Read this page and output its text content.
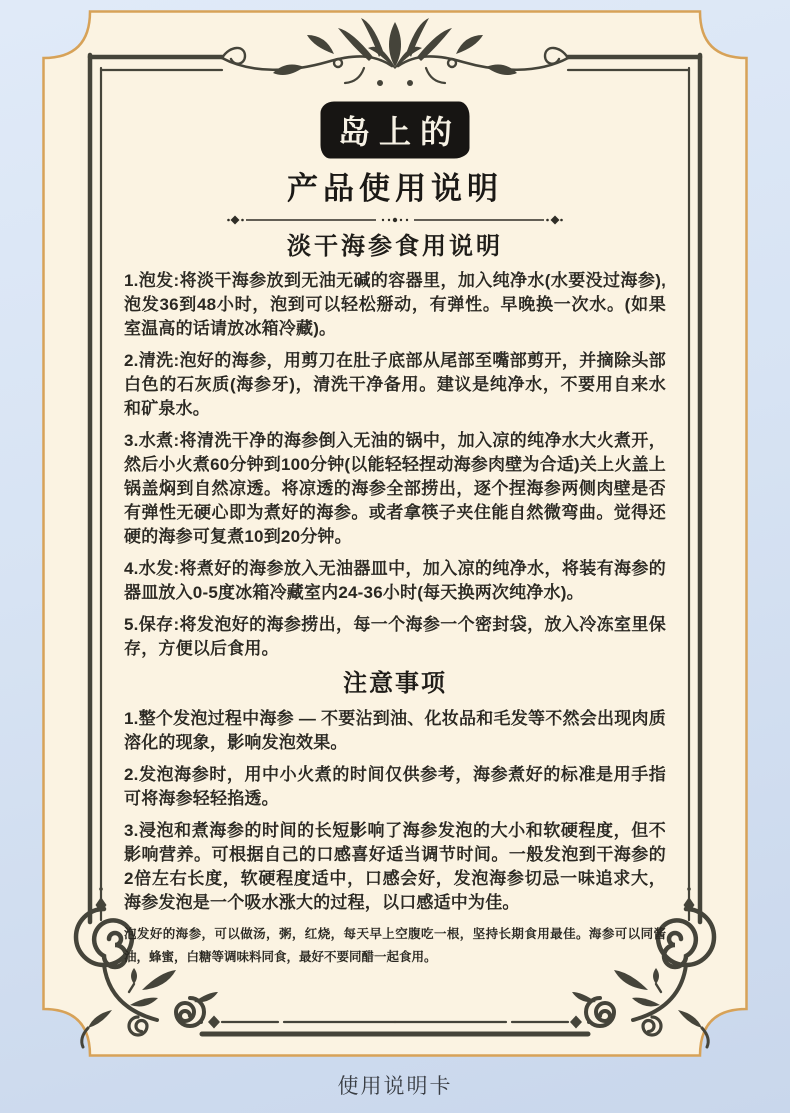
岛上的
产品使用说明
淡干海参食用说明

1.泡发:将淡干海参放到无油无碱的容器里，加入纯净水(水要没过海参),泡发36到48小时，泡到可以轻松掰动，有弹性。早晚换一次水。(如果室温高的话请放冰箱冷藏)。

2.清洗:泡好的海参，用剪刀在肚子底部从尾部至嘴部剪开，并摘除头部白色的石灰质(海参牙)，清洗干净备用。建议是纯净水，不要用自来水和矿泉水。

3.水煮:将清洗干净的海参倒入无油的锅中，加入凉的纯净水大火煮开，然后小火煮60分钟到100分钟(以能轻轻捏动海参肉壁为合适)关上火盖上锅盖焖到自然凉透。将凉透的海参全部捞出，逐个捏海参两侧肉壁是否有弹性无硬心即为煮好的海参。或者拿筷子夹住能自然微弯曲。觉得还硬的海参可复煮10到20分钟。

4.水发:将煮好的海参放入无油器皿中，加入凉的纯净水，将装有海参的器皿放入0-5度冰箱冷藏室内24-36小时(每天换两次纯净水)。

5.保存:将发泡好的海参捞出，每一个海参一个密封袋，放入冷冻室里保存，方便以后食用。

注意事项

1.整个发泡过程中海参 — 不要沾到油、化妆品和毛发等不然会出现肉质溶化的现象，影响发泡效果。

2.发泡海参时，用中小火煮的时间仅供参考，海参煮好的标准是用手指可将海参轻轻掐透。

3.浸泡和煮海参的时间的长短影响了海参发泡的大小和软硬程度，但不影响营养。可根据自己的口感喜好适当调节时间。一般发泡到干海参的2倍左右长度，软硬程度适中，口感会好，发泡海参切忌一味追求大，海参发泡是一个吸水涨大的过程，以口感适中为佳。

泡发好的海参，可以做汤，粥，红烧，每天早上空腹吃一根，坚持长期食用最佳。海参可以同酱油，蜂蜜，白糖等调味料同食，最好不要同醋一起食用。

使用说明卡
